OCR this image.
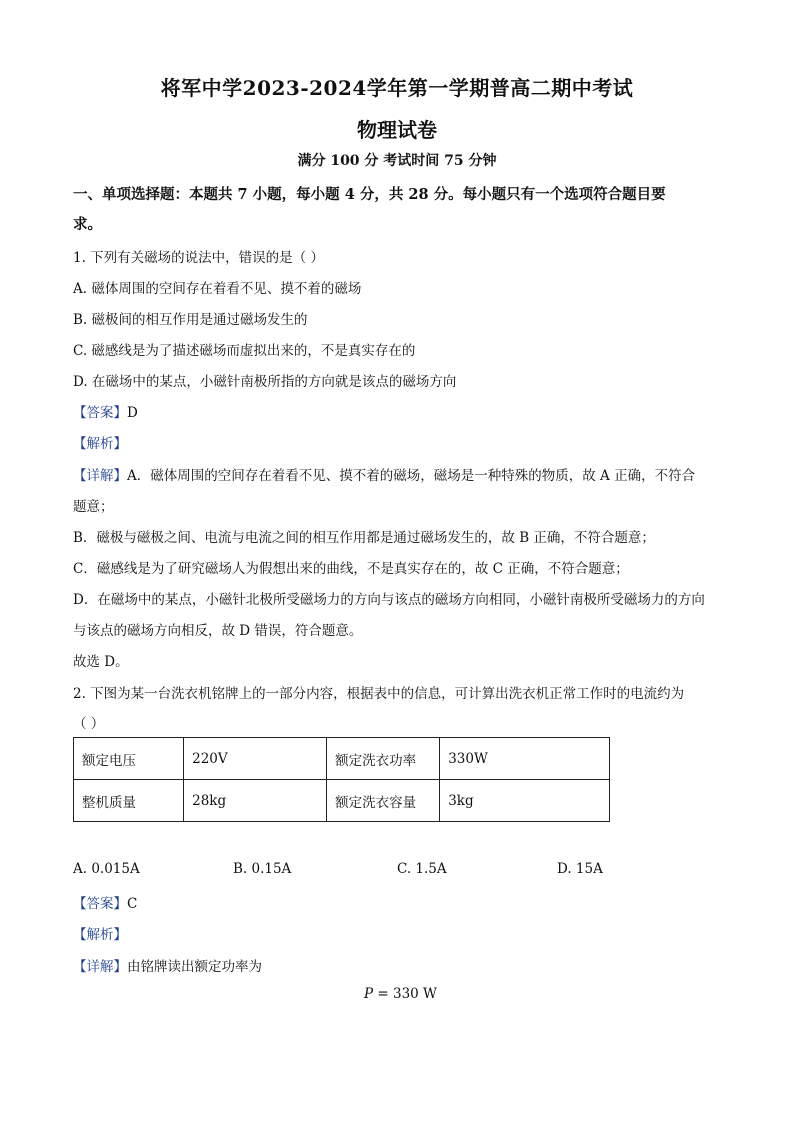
将军中学2023-2024学年第一学期普高二期中考试
物理试卷
满分 100 分 考试时间 75 分钟
一、单项选择题：本题共 7 小题，每小题 4 分，共 28 分。每小题只有一个选项符合题目要
求。
1. 下列有关磁场的说法中，错误的是（ ）
A. 磁体周围的空间存在着看不见、摸不着的磁场
B. 磁极间的相互作用是通过磁场发生的
C. 磁感线是为了描述磁场而虚拟出来的，不是真实存在的
D. 在磁场中的某点，小磁针南极所指的方向就是该点的磁场方向
【答案】D
【解析】
【详解】A．磁体周围的空间存在着看不见、摸不着的磁场，磁场是一种特殊的物质，故 A 正确，不符合
题意；
B．磁极与磁极之间、电流与电流之间的相互作用都是通过磁场发生的，故 B 正确，不符合题意；
C．磁感线是为了研究磁场人为假想出来的曲线，不是真实存在的，故 C 正确，不符合题意；
D．在磁场中的某点，小磁针北极所受磁场力的方向与该点的磁场方向相同，小磁针南极所受磁场力的方向
与该点的磁场方向相反，故 D 错误，符合题意。
故选 D。
2. 下图为某一台洗衣机铭牌上的一部分内容，根据表中的信息，可计算出洗衣机正常工作时的电流约为
（ ）
额定电压	220V	额定洗衣功率	330W
整机质量	28kg	额定洗衣容量	3kg
A. 0.015A	B. 0.15A	C. 1.5A	D. 15A
【答案】C
【解析】
【详解】由铭牌读出额定功率为
P = 330 W
